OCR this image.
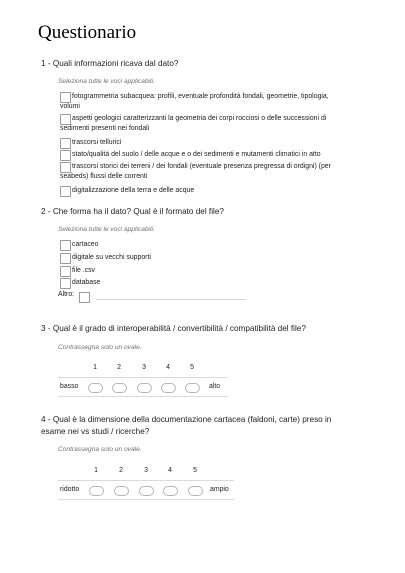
Questionario
1 - Quali informazioni ricava dal dato?
Seleziona tutte le voci applicabili.
fotogrammetria subacquea: profili, eventuale profondità fondali, geometrie, tipologia, volumi
aspetti geologici caratterizzanti la geometria dei corpi rocciosi o delle successioni di sedimenti presenti nei fondali
trascorsi tellurici
stato/qualità del suolo / delle acque e o dei sedimenti e mutamenti climatici in atto
trascorsi storici dei terreni / dei fondali (eventuale presenza pregressa di ordigni) (per seabeds) flussi delle correnti
digitalizzazione della terra e delle acque
2 - Che forma ha il dato? Qual è il formato del file?
Seleziona tutte le voci applicabili.
cartaceo
digitale su vecchi supporti
file .csv
database
Altro:
3 - Qual è il grado di interoperabilità / convertibilità / compatibilità del file?
Contrassegna solo un ovale.
1	2	3	4	5
basso	alto
4 - Qual è la dimensione della documentazione cartacea (faldoni, carte) preso in
esame nei vs studi / ricerche?
Contrassegna solo un ovale.
1	2	3	4	5
ridotto	ampio
